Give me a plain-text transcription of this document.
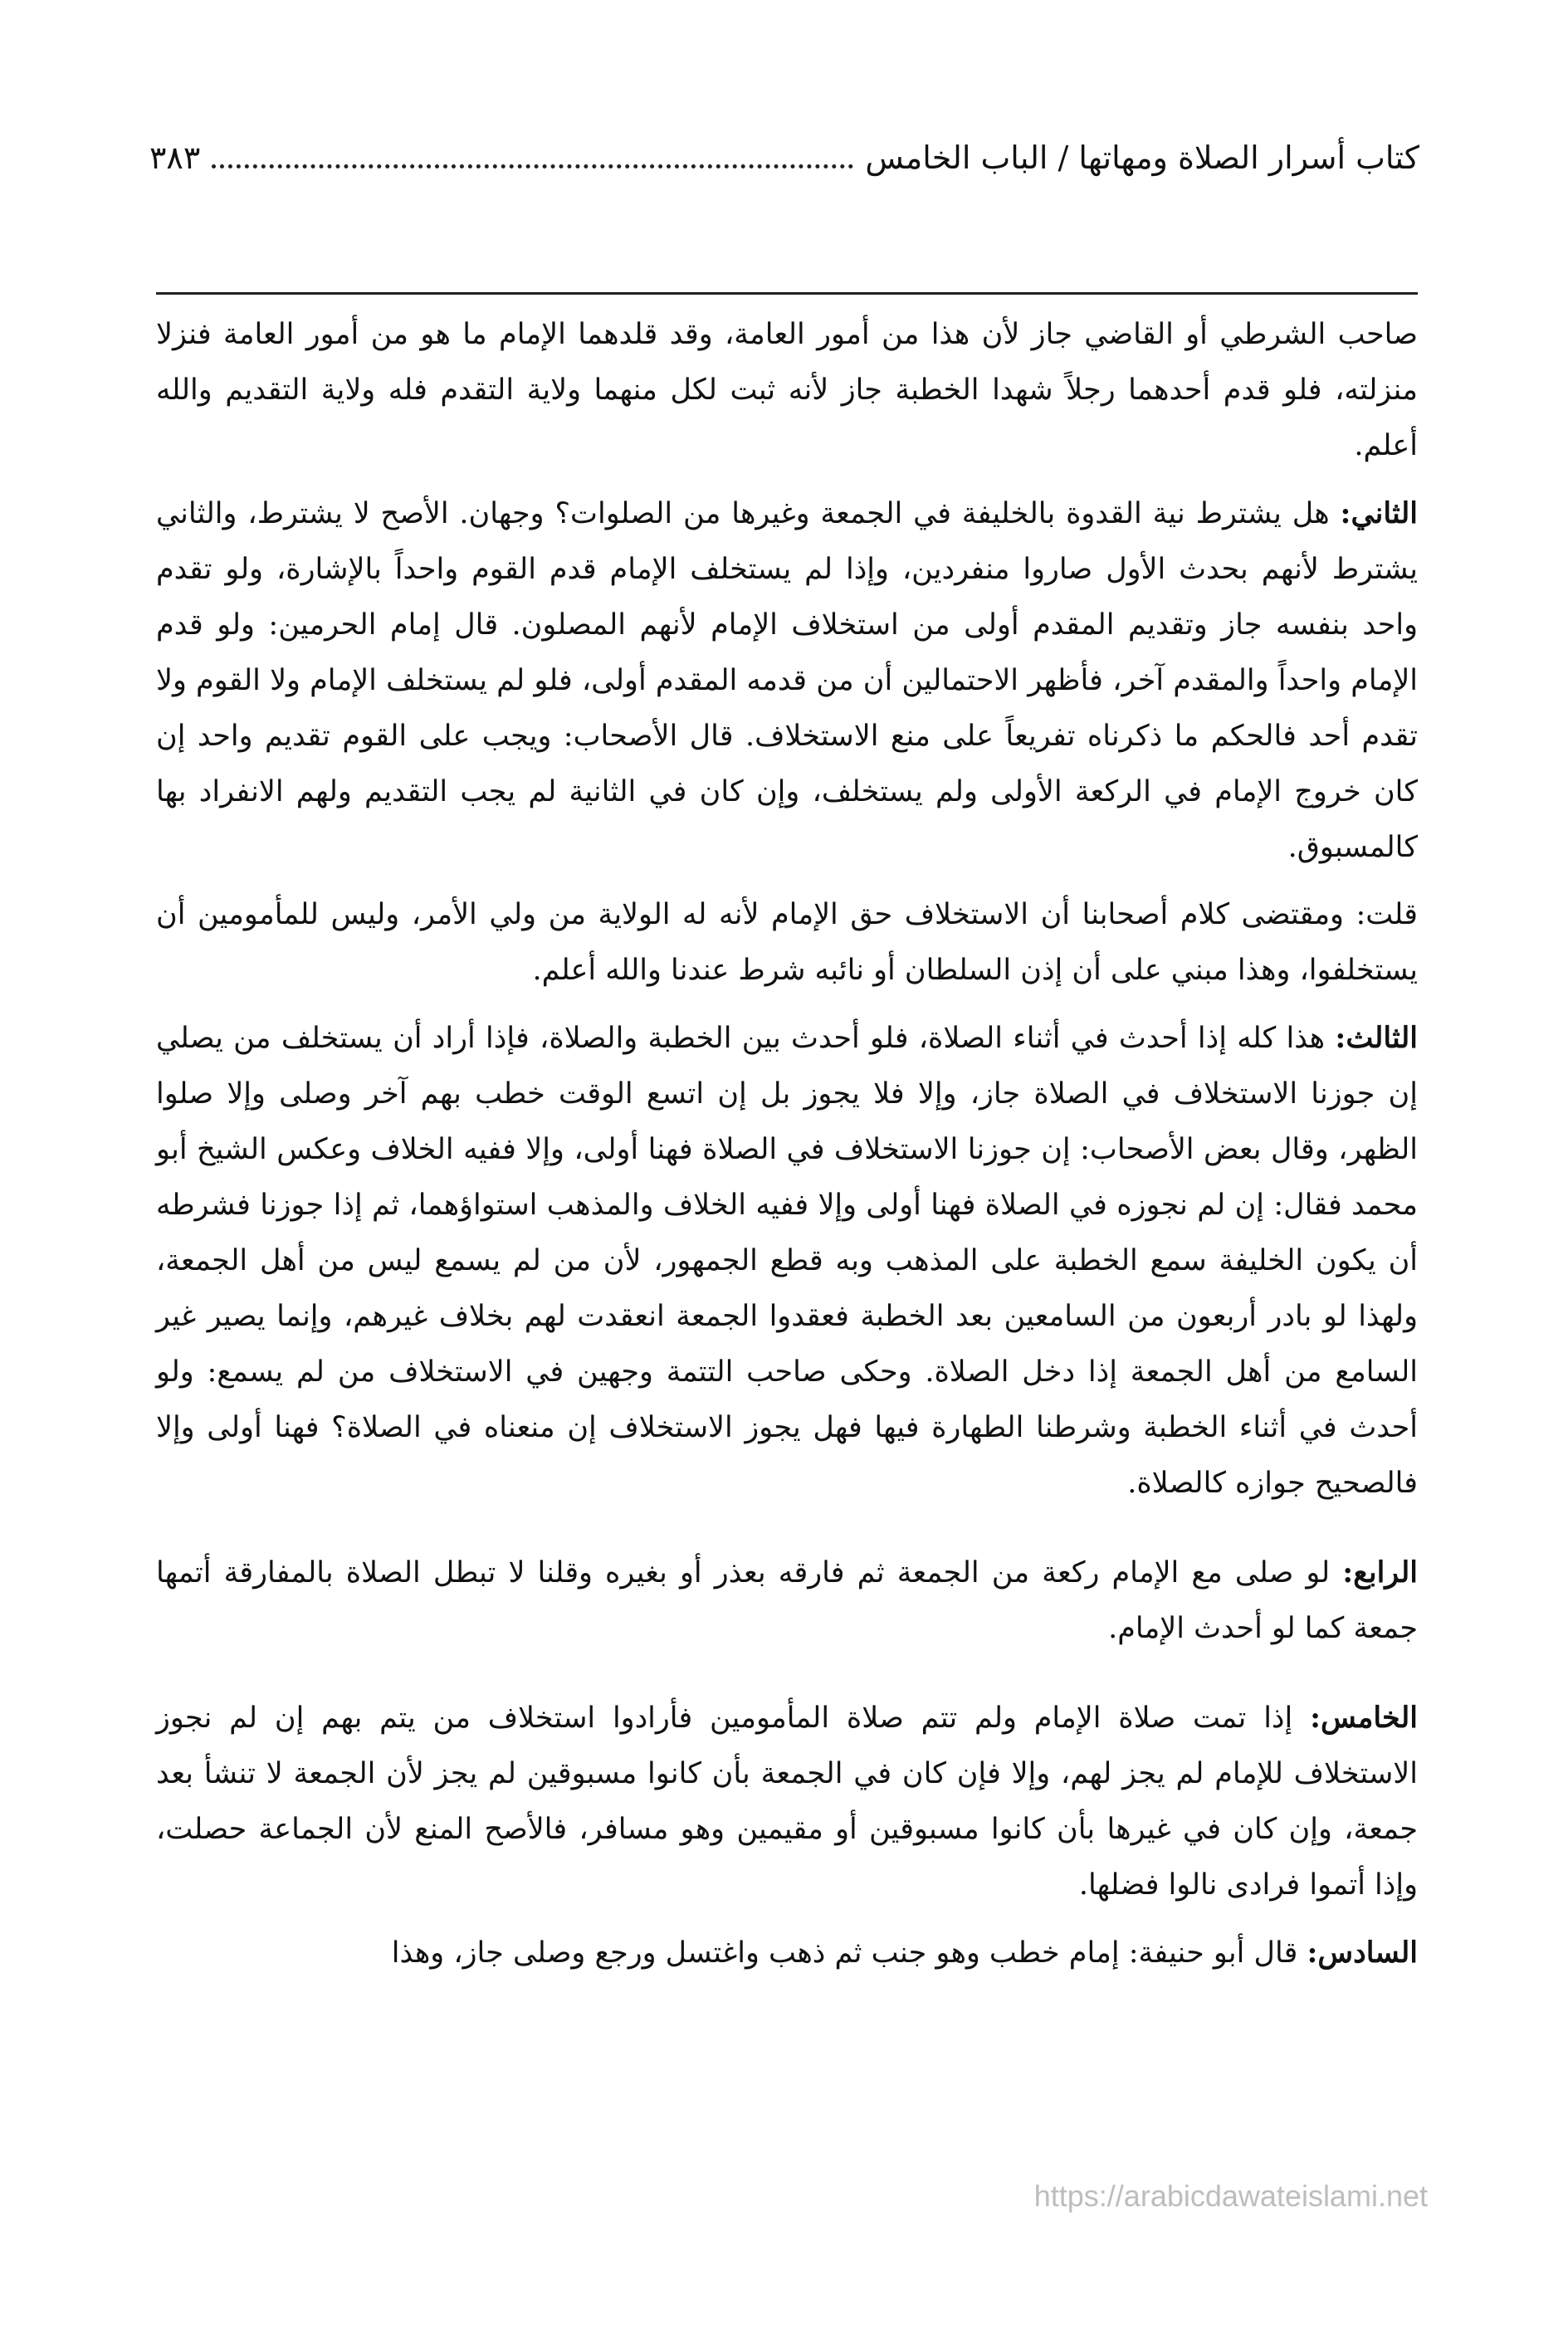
كتاب أسرار الصلاة ومهاتها / الباب الخامس
٣٨٣

صاحب الشرطي أو القاضي جاز لأن هذا من أمور العامة، وقد قلدهما الإمام ما هو من أمور العامة فنزلا منزلته، فلو قدم أحدهما رجلاً شهدا الخطبة جاز لأنه ثبت لكل منهما ولاية التقدم فله ولاية التقديم والله أعلم.

الثاني: هل يشترط نية القدوة بالخليفة في الجمعة وغيرها من الصلوات؟ وجهان. الأصح لا يشترط، والثاني يشترط لأنهم بحدث الأول صاروا منفردين، وإذا لم يستخلف الإمام قدم القوم واحداً بالإشارة، ولو تقدم واحد بنفسه جاز وتقديم المقدم أولى من استخلاف الإمام لأنهم المصلون. قال إمام الحرمين: ولو قدم الإمام واحداً والمقدم آخر، فأظهر الاحتمالين أن من قدمه المقدم أولى، فلو لم يستخلف الإمام ولا القوم ولا تقدم أحد فالحكم ما ذكرناه تفريعاً على منع الاستخلاف. قال الأصحاب: ويجب على القوم تقديم واحد إن كان خروج الإمام في الركعة الأولى ولم يستخلف، وإن كان في الثانية لم يجب التقديم ولهم الانفراد بها كالمسبوق.

قلت: ومقتضى كلام أصحابنا أن الاستخلاف حق الإمام لأنه له الولاية من ولي الأمر، وليس للمأمومين أن يستخلفوا، وهذا مبني على أن إذن السلطان أو نائبه شرط عندنا والله أعلم.

الثالث: هذا كله إذا أحدث في أثناء الصلاة، فلو أحدث بين الخطبة والصلاة، فإذا أراد أن يستخلف من يصلي إن جوزنا الاستخلاف في الصلاة جاز، وإلا فلا يجوز بل إن اتسع الوقت خطب بهم آخر وصلى وإلا صلوا الظهر، وقال بعض الأصحاب: إن جوزنا الاستخلاف في الصلاة فهنا أولى، وإلا ففيه الخلاف وعكس الشيخ أبو محمد فقال: إن لم نجوزه في الصلاة فهنا أولى وإلا ففيه الخلاف والمذهب استواؤهما، ثم إذا جوزنا فشرطه أن يكون الخليفة سمع الخطبة على المذهب وبه قطع الجمهور، لأن من لم يسمع ليس من أهل الجمعة، ولهذا لو بادر أربعون من السامعين بعد الخطبة فعقدوا الجمعة انعقدت لهم بخلاف غيرهم، وإنما يصير غير السامع من أهل الجمعة إذا دخل الصلاة. وحكى صاحب التتمة وجهين في الاستخلاف من لم يسمع: ولو أحدث في أثناء الخطبة وشرطنا الطهارة فيها فهل يجوز الاستخلاف إن منعناه في الصلاة؟ فهنا أولى وإلا فالصحيح جوازه كالصلاة.

الرابع: لو صلى مع الإمام ركعة من الجمعة ثم فارقه بعذر أو بغيره وقلنا لا تبطل الصلاة بالمفارقة أتمها جمعة كما لو أحدث الإمام.

الخامس: إذا تمت صلاة الإمام ولم تتم صلاة المأمومين فأرادوا استخلاف من يتم بهم إن لم نجوز الاستخلاف للإمام لم يجز لهم، وإلا فإن كان في الجمعة بأن كانوا مسبوقين لم يجز لأن الجمعة لا تنشأ بعد جمعة، وإن كان في غيرها بأن كانوا مسبوقين أو مقيمين وهو مسافر، فالأصح المنع لأن الجماعة حصلت، وإذا أتموا فرادى نالوا فضلها.

السادس: قال أبو حنيفة: إمام خطب وهو جنب ثم ذهب واغتسل ورجع وصلى جاز، وهذا

https://arabicdawateislami.net
